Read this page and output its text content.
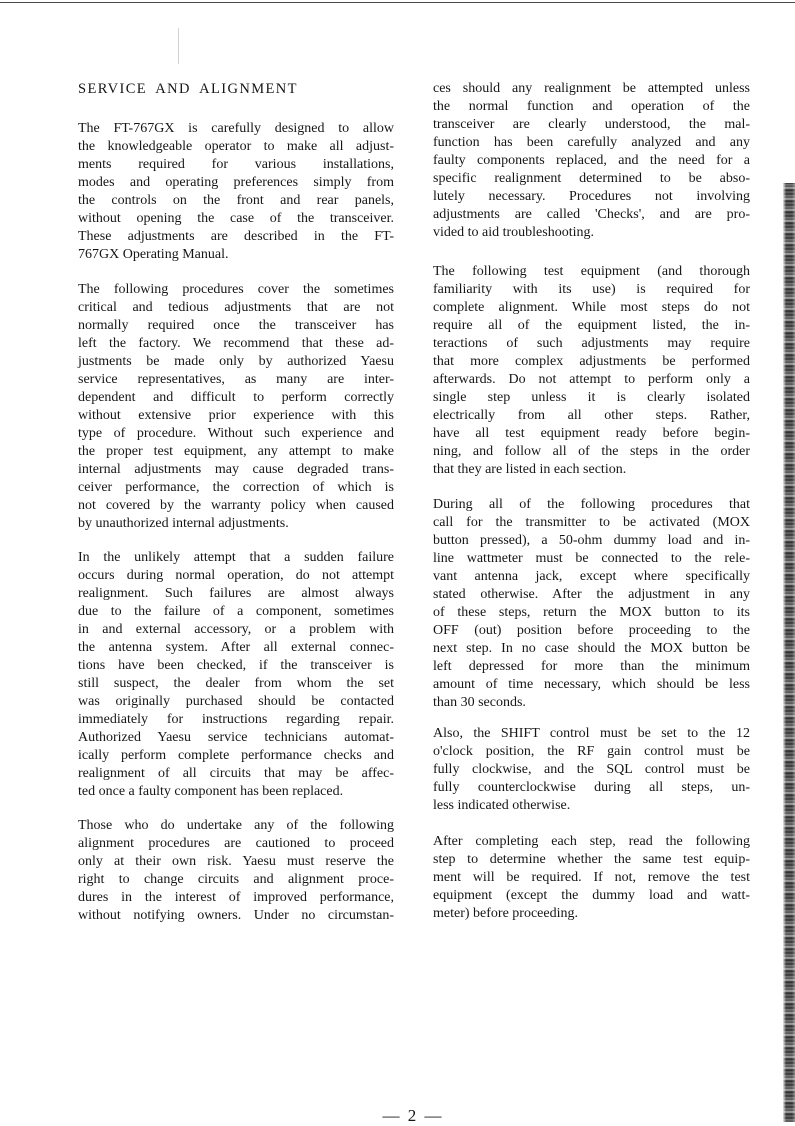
SERVICE AND ALIGNMENT
The FT-767GX is carefully designed to allow
the knowledgeable operator to make all adjust-
ments required for various installations,
modes and operating preferences simply from
the controls on the front and rear panels,
without opening the case of the transceiver.
These adjustments are described in the FT-
767GX Operating Manual.
The following procedures cover the sometimes
critical and tedious adjustments that are not
normally required once the transceiver has
left the factory. We recommend that these ad-
justments be made only by authorized Yaesu
service representatives, as many are inter-
dependent and difficult to perform correctly
without extensive prior experience with this
type of procedure. Without such experience and
the proper test equipment, any attempt to make
internal adjustments may cause degraded trans-
ceiver performance, the correction of which is
not covered by the warranty policy when caused
by unauthorized internal adjustments.
In the unlikely attempt that a sudden failure
occurs during normal operation, do not attempt
realignment. Such failures are almost always
due to the failure of a component, sometimes
in and external accessory, or a problem with
the antenna system. After all external connec-
tions have been checked, if the transceiver is
still suspect, the dealer from whom the set
was originally purchased should be contacted
immediately for instructions regarding repair.
Authorized Yaesu service technicians automat-
ically perform complete performance checks and
realignment of all circuits that may be affec-
ted once a faulty component has been replaced.
Those who do undertake any of the following
alignment procedures are cautioned to proceed
only at their own risk. Yaesu must reserve the
right to change circuits and alignment proce-
dures in the interest of improved performance,
without notifying owners. Under no circumstan-
ces should any realignment be attempted unless
the normal function and operation of the
transceiver are clearly understood, the mal-
function has been carefully analyzed and any
faulty components replaced, and the need for a
specific realignment determined to be abso-
lutely necessary. Procedures not involving
adjustments are called 'Checks', and are pro-
vided to aid troubleshooting.
The following test equipment (and thorough
familiarity with its use) is required for
complete alignment. While most steps do not
require all of the equipment listed, the in-
teractions of such adjustments may require
that more complex adjustments be performed
afterwards. Do not attempt to perform only a
single step unless it is clearly isolated
electrically from all other steps. Rather,
have all test equipment ready before begin-
ning, and follow all of the steps in the order
that they are listed in each section.
During all of the following procedures that
call for the transmitter to be activated (MOX
button pressed), a 50-ohm dummy load and in-
line wattmeter must be connected to the rele-
vant antenna jack, except where specifically
stated otherwise. After the adjustment in any
of these steps, return the MOX button to its
OFF (out) position before proceeding to the
next step. In no case should the MOX button be
left depressed for more than the minimum
amount of time necessary, which should be less
than 30 seconds.
Also, the SHIFT control must be set to the 12
o'clock position, the RF gain control must be
fully clockwise, and the SQL control must be
fully counterclockwise during all steps, un-
less indicated otherwise.
After completing each step, read the following
step to determine whether the same test equip-
ment will be required. If not, remove the test
equipment (except the dummy load and watt-
meter) before proceeding.
— 2 —
